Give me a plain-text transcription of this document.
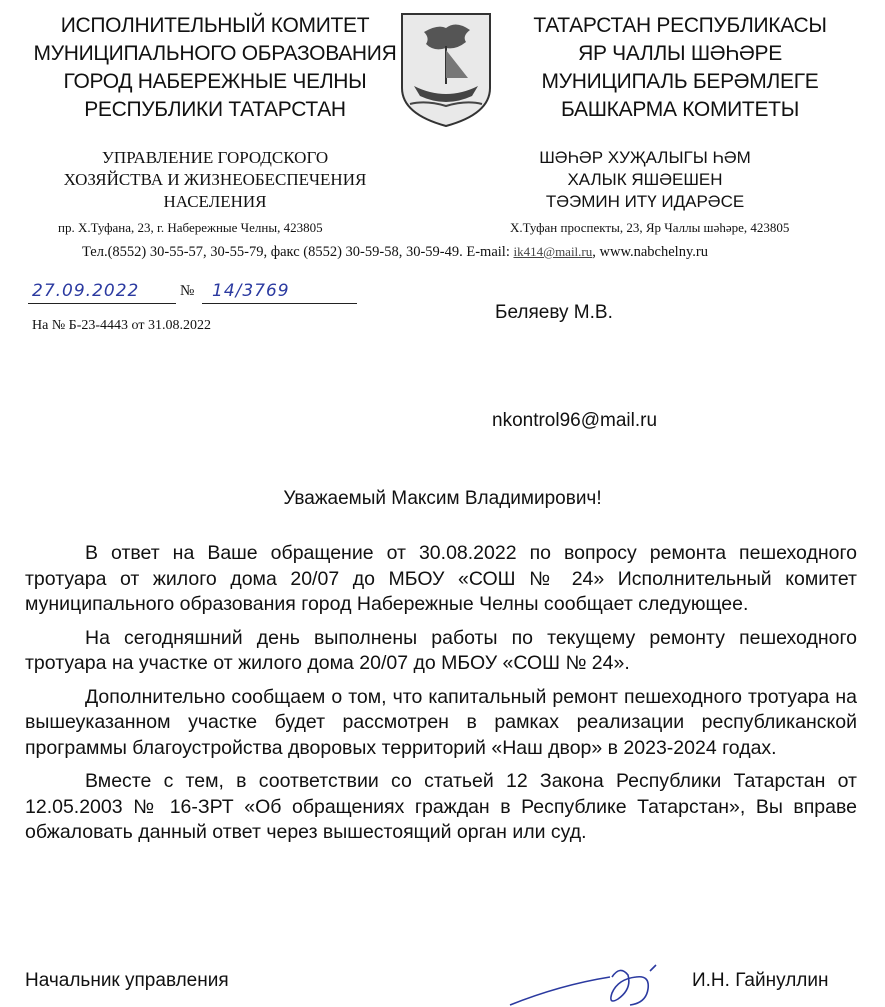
ИСПОЛНИТЕЛЬНЫЙ КОМИТЕТ
МУНИЦИПАЛЬНОГО ОБРАЗОВАНИЯ
ГОРОД НАБЕРЕЖНЫЕ ЧЕЛНЫ
РЕСПУБЛИКИ ТАТАРСТАН
ТАТАРСТАН РЕСПУБЛИКАСЫ
ЯР ЧАЛЛЫ ШӘҺӘРЕ
МУНИЦИПАЛЬ БЕРӘМЛЕГЕ
БАШКАРМА КОМИТЕТЫ
УПРАВЛЕНИЕ ГОРОДСКОГО
ХОЗЯЙСТВА И ЖИЗНЕОБЕСПЕЧЕНИЯ
НАСЕЛЕНИЯ
ШӘҺӘР ХУҖАЛЫГЫ ҺӘМ
ХАЛЫК ЯШӘЕШЕН
ТӘЭМИН ИТҮ ИДАРӘСЕ
пр. Х.Туфана, 23, г. Набережные Челны, 423805	Х.Туфан проспекты, 23, Яр Чаллы шәһәре, 423805
Тел.(8552) 30-55-57, 30-55-79, факс (8552) 30-59-58, 30-59-49. E-mail: ik414@mail.ru, www.nabchelny.ru
27.09.2022	№ 14/3769
На № Б-23-4443 от 31.08.2022
Беляеву М.В.
nkontrol96@mail.ru
Уважаемый Максим Владимирович!

В ответ на Ваше обращение от 30.08.2022 по вопросу ремонта пешеходного тротуара от жилого дома 20/07 до МБОУ «СОШ № 24» Исполнительный комитет муниципального образования город Набережные Челны сообщает следующее.

На сегодняшний день выполнены работы по текущему ремонту пешеходного тротуара на участке от жилого дома 20/07 до МБОУ «СОШ № 24».

Дополнительно сообщаем о том, что капитальный ремонт пешеходного тротуара на вышеуказанном участке будет рассмотрен в рамках реализации республиканской программы благоустройства дворовых территорий «Наш двор» в 2023-2024 годах.

Вместе с тем, в соответствии со статьей 12 Закона Республики Татарстан от 12.05.2003 № 16-ЗРТ «Об обращениях граждан в Республике Татарстан», Вы вправе обжаловать данный ответ через вышестоящий орган или суд.

Начальник управления	И.Н. Гайнуллин
